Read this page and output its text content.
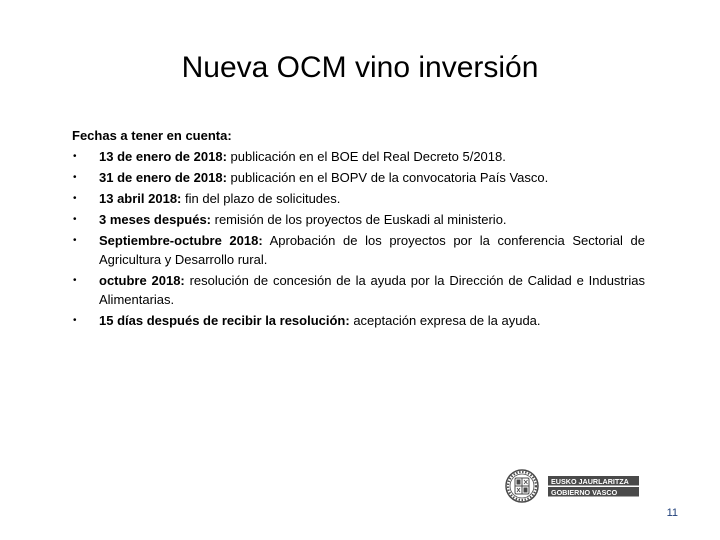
Nueva OCM vino inversión
Fechas a tener en cuenta:
• 13 de enero de 2018: publicación en el BOE del Real Decreto 5/2018.
• 31 de enero de 2018: publicación en el BOPV de la convocatoria País Vasco.
• 13 abril 2018: fin del plazo de solicitudes.
• 3 meses después: remisión de los proyectos de Euskadi al ministerio.
• Septiembre-octubre 2018: Aprobación de los proyectos por la conferencia Sectorial de Agricultura y Desarrollo rural.
• octubre 2018: resolución de concesión de la ayuda por la Dirección de Calidad e Industrias Alimentarias.
• 15 días después de recibir la resolución: aceptación expresa de la ayuda.
EUSKO JAURLARITZA
GOBIERNO VASCO
11
